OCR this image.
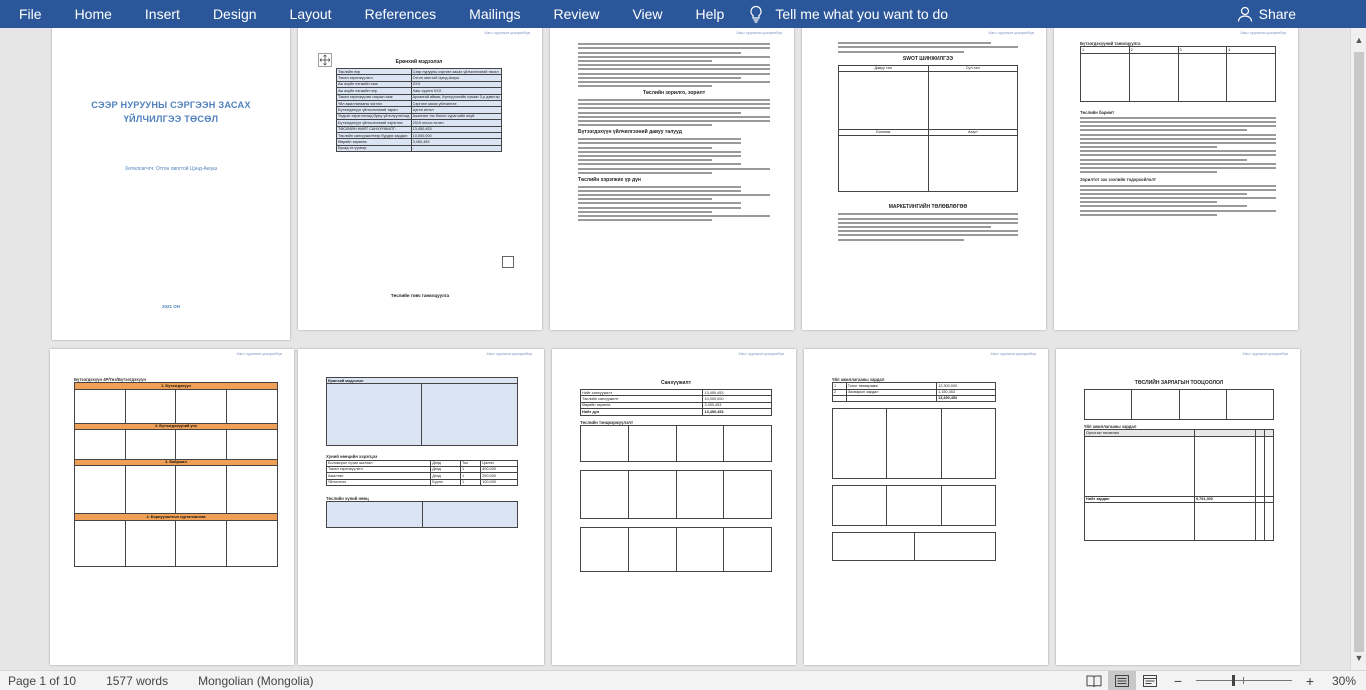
File	Home	Insert	Design	Layout	References	Mailings	Review	View	Help	Tell me what you want to do	Share
СЭЭР НУРУУНЫ СЭРГЭЭН ЗАСАХ
ҮЙЛЧИЛГЭЭ ТӨСӨЛ
Хөтөлсөгчгч: Отгон овогтой Цэнд-Аюуш
2021 ОН
Хаш чуулгын цогцолбор
Ерөнхий мэдээлэл
Төслийн нэр	Сээр нурууны сэргээн засах үйлчилгээний төсөл
Төсөл хэрэгжүүлэгч	Отгон овогтой Цэнд-Аюуш
Аж ахуйн нэгжийн хаяг	XXX
Аж ахуйн нэгжийн нэр	Хаш чуулга XXX
Төсөл хэрэгжүүлэх газрын хаяг	Архангай аймаг, Хүнхүүхэлэйн сүмын 3-р дэвсгэр
Үйл ажиллагааны чиглэл	Сэргээн засах үйлчилгээ
Бүтээгдэхүүн үйлчилгээний төрөл	Цэгэн иглэл
Үндсэн хэрэглэгчид буюу үйлчлүүлэгчид	Ажилчин тэс болон сурагчийн ахуй
Бүтээгдэхүүн үйлчилгээний хэрэглээ	2019 оноос эхлэн
ТӨСЛИЙН НИЙТ САНХҮҮЖИЛТ:	13,450,453
Төслийн санхүүжилтээр бүрдэх зардал:	10,000,000
Өөрийн хөрөнгө:	3,450,453
Бусад эх үүсвэр:	-
Төслийн товч танилцуулга
Хаш чуулгын цогцолбор
Төслийн зорилго, зорилт
Бүтээгдэхүүн үйлчилгээний давуу талууд
Төслийн хэрэгжих үр дүн
Хаш чуулгын цогцолбор
SWOT ШИНЖИЛГЭЭ
Давуу тал	Сул тал

Боломж	Аюул

МАРКЕТИНГИЙН ТӨЛӨВЛӨГӨӨ
Хаш чуулгын цогцолбор
Бүтээгдэхүүний танилцуулга
1	2	3	4

Төслийн баримт
Зорилтот зах зээлийн тодорхойлолт
Хаш чуулгын цогцолбор
Бүтээгдэхүүн 4P/Үнэ/Бүтээгдэхүүн
1. Бүтээгдэхүүн			

2. Бүтээгдэхүүний үнэ			

3. Байршил			

4. Борлуулалтын сурталчилгаа			

Хаш чуулгын цогцолбор
Ерөнхий мэдээлэл

Хүний нөөцийн хэрэгцээ
Боловсрол хүчин шатлал	Дээд	Тоо	Цалин
Төсөл хэрэгжүүлэгч	Дээд	1	400,000
Ажилтан	Дээд	1	250,000
Үйлчилгээ	Бүрэн	1	100,000
Төслийн хүний нөөц

Хаш чуулгын цогцолбор
Санхүүжилт
Нийт санхүүжилт	13,450,453
Төслийн санхүүжилт	10,000,000
Өөрийн хөрөнгө	3,450,453
Нийт дүн	13,450,453
Төслийн тэнцвэржүүлэлт

Хаш чуулгын цогцолбор
Үйл ажиллагааны зардал
1	Тоног төхөөрөмж	12,300,000
2	Засварын зардал	1,150,453
		13,450,453

Хаш чуулгын цогцолбор
ТӨСЛИЙН ЗАРЛАГЫН ТООЦООЛОЛ

Үйл ажиллагааны зардал
Орлогын төсөөлөл			

Нийт зардал	9,791,300		

▲
▼
Page 1 of 10	1577 words	Mongolian (Mongolia)	−	+	30%
